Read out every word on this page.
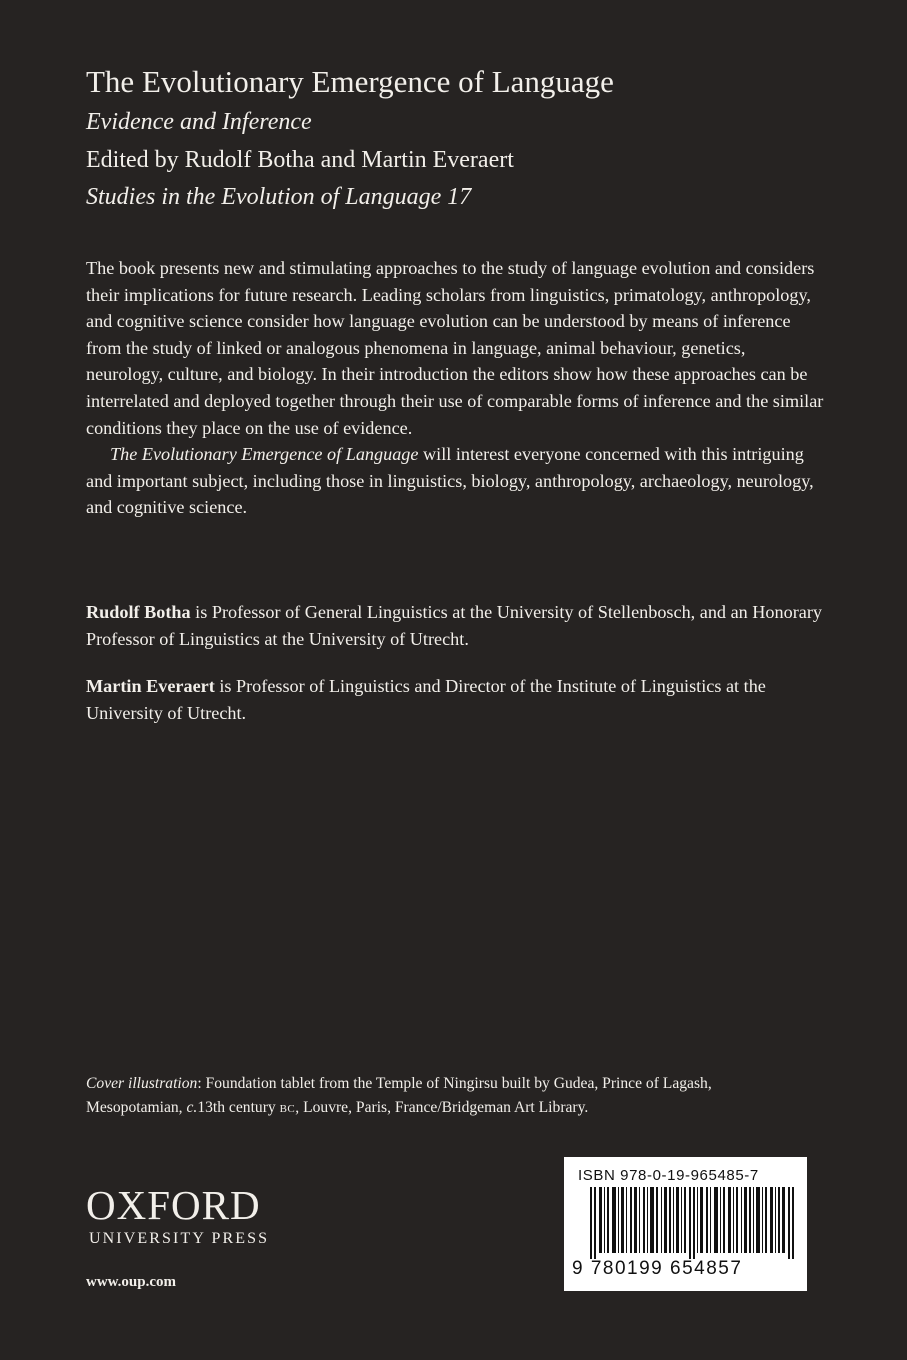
The Evolutionary Emergence of Language
Evidence and Inference
Edited by Rudolf Botha and Martin Everaert
Studies in the Evolution of Language 17

The book presents new and stimulating approaches to the study of language evolution and considers their implications for future research. Leading scholars from linguistics, primatology, anthropology, and cognitive science consider how language evolution can be understood by means of inference from the study of linked or analogous phenomena in language, animal behaviour, genetics, neurology, culture, and biology. In their introduction the editors show how these approaches can be interrelated and deployed together through their use of comparable forms of inference and the similar conditions they place on the use of evidence.

The Evolutionary Emergence of Language will interest everyone concerned with this intriguing and important subject, including those in linguistics, biology, anthropology, archaeology, neurology, and cognitive science.

Rudolf Botha is Professor of General Linguistics at the University of Stellenbosch, and an Honorary Professor of Linguistics at the University of Utrecht.
Martin Everaert is Professor of Linguistics and Director of the Institute of Linguistics at the University of Utrecht.
Cover illustration: Foundation tablet from the Temple of Ningirsu built by Gudea, Prince of Lagash, Mesopotamian, c.13th century BC, Louvre, Paris, France/Bridgeman Art Library.
OXFORD
UNIVERSITY PRESS
www.oup.com
ISBN 978-0-19-965485-7
9 780199 654857
